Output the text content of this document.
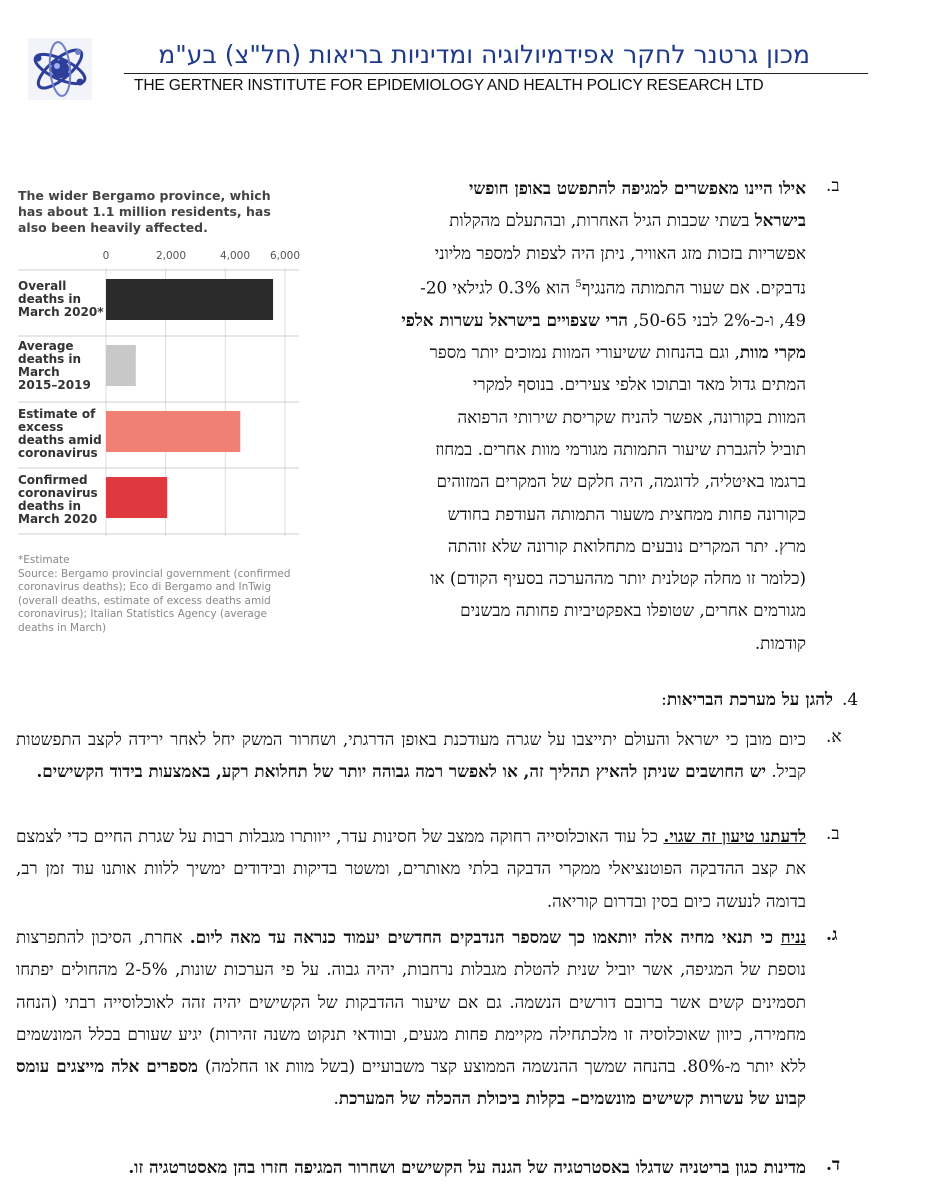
מכון גרטנר לחקר אפידמיולוגיה ומדיניות בריאות (חל"צ) בע"מ
THE GERTNER INSTITUTE FOR EPIDEMIOLOGY AND HEALTH POLICY RESEARCH LTD
The wider Bergamo province, which has about 1.1 million residents, has also been heavily affected.
0	2,000	4,000 6,000
Overall
deaths in
March 2020*
Average
deaths in
March
2015–2019
Estimate of
excess
deaths amid
coronavirus
Confirmed
coronavirus
deaths in
March 2020
*Estimate
Source: Bergamo provincial government (confirmed coronavirus deaths); Eco di Bergamo and InTwig (overall deaths, estimate of excess deaths amid coronavirus); Italian Statistics Agency (average deaths in March)
ב.
אילו היינו מאפשרים למגיפה להתפשט באופן חופשי
בישראל בשתי שכבות הגיל האחרות, ובהתעלם מהקלות
אפשריות בזכות מזג האוויר, ניתן היה לצפות למספר מליוני
נדבקים. אם שעור התמותה מהנגיף$^5$ הוא 0.3% לגילאי 20-
49, ו-כ-2% לבני 50-65, הרי שצפויים בישראל עשרות אלפי
מקרי מוות, וגם בהנחות ששיעורי המוות נמוכים יותר מספר
המתים גדול מאד ובתוכו אלפי צעירים. בנוסף למקרי
המוות בקורונה, אפשר להניח שקריסת שירותי הרפואה
תוביל להגברת שיעור התמותה מגורמי מוות אחרים. במחוז
ברגמו באיטליה, לדוגמה, היה חלקם של המקרים המזוהים
כקורונה פחות ממחצית משעור התמותה העודפת בחודש
מרץ. יתר המקרים נובעים מתחלואת קורונה שלא זוהתה
(כלומר זו מחלה קטלנית יותר מההערכה בסעיף הקודם) או
מגורמים אחרים, שטופלו באפקטיביות פחותה מבשנים
קודמות.
4.
להגן על מערכת הבריאות:
א.
כיום מובן כי ישראל והעולם יתייצבו על שגרה מעודכנת באופן הדרגתי, ושחרור המשק יחל לאחר ירידה לקצב התפשטות קביל. יש החושבים שניתן להאיץ תהליך זה, או לאפשר רמה גבוהה יותר של תחלואת רקע, באמצעות בידוד הקשישים.
ב.
לדעתנו טיעון זה שגוי. כל עוד האוכלוסייה רחוקה ממצב של חסינות עדר, ייוותרו מגבלות רבות על שגרת החיים כדי לצמצם את קצב ההדבקה הפוטנציאלי ממקרי הדבקה בלתי מאותרים, ומשטר בדיקות ובידודים ימשיך ללוות אותנו עוד זמן רב, בדומה לנעשה כיום בסין ובדרום קוריאה.
ג.
נניח כי תנאי מחיה אלה יותאמו כך שמספר הנדבקים החדשים יעמוד כנראה עד מאה ליום. אחרת, הסיכון להתפרצות נוספת של המגיפה, אשר יוביל שנית להטלת מגבלות נרחבות, יהיה גבוה. על פי הערכות שונות, 2-5% מהחולים יפתחו תסמינים קשים אשר ברובם דורשים הנשמה. גם אם שיעור ההדבקות של הקשישים יהיה זהה לאוכלוסייה רבתי (הנחה מחמירה, כיוון שאוכלוסיה זו מלכתחילה מקיימת פחות מגעים, ובוודאי תנקוט משנה זהירות) יגיע שעורם בכלל המונשמים ללא יותר מ-80%. בהנחה שמשך ההנשמה הממוצע קצר משבועיים (בשל מוות או החלמה) מספרים אלה מייצגים עומס קבוע של עשרות קשישים מונשמים– בקלות ביכולת ההכלה של המערכת.
ד.
מדינות כגון בריטניה שדגלו באסטרטגיה של הגנה על הקשישים ושחרור המגיפה חזרו בהן מאסטרטגיה זו.
